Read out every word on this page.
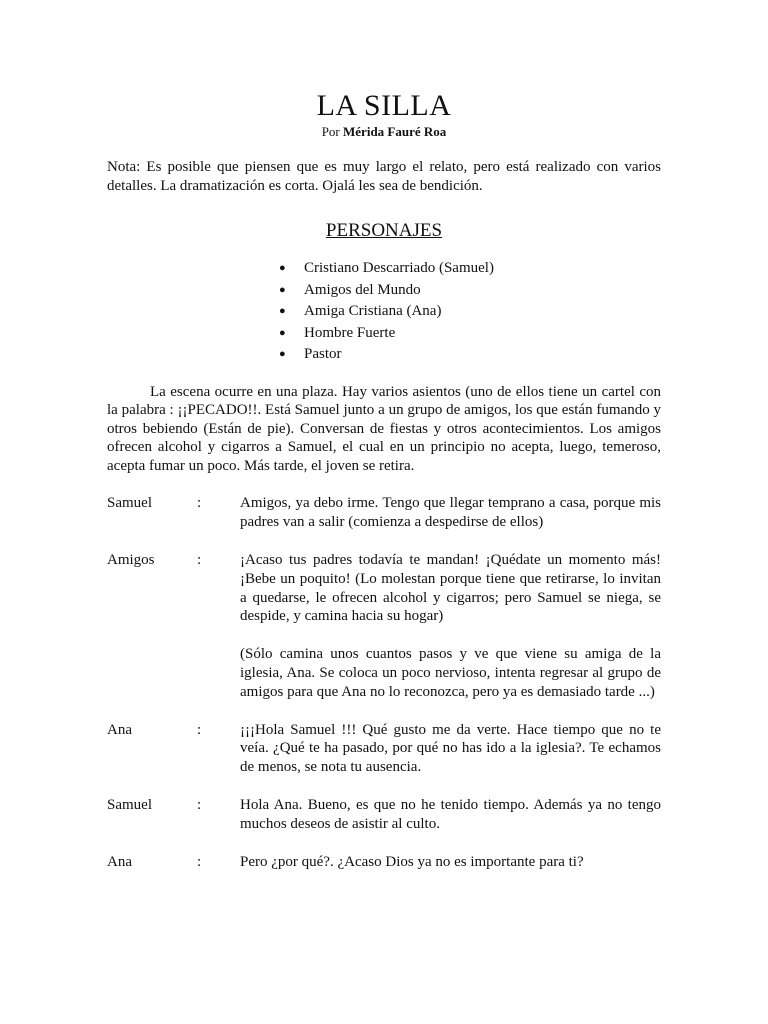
LA SILLA
Por Mérida Fauré Roa
Nota: Es posible que piensen que es muy largo el relato, pero está realizado con varios detalles. La dramatización es corta. Ojalá les sea de bendición.
PERSONAJES
● Cristiano Descarriado (Samuel)
● Amigos del Mundo
● Amiga Cristiana (Ana)
● Hombre Fuerte
● Pastor
La escena ocurre en una plaza. Hay varios asientos (uno de ellos tiene un cartel con la palabra : ¡¡PECADO!!. Está Samuel junto a un grupo de amigos, los que están fumando y otros bebiendo (Están de pie). Conversan de fiestas y otros acontecimientos. Los amigos ofrecen alcohol y cigarros a Samuel, el cual en un principio no acepta, luego, temeroso, acepta fumar un poco. Más tarde, el joven se retira.
Samuel	:	Amigos, ya debo irme. Tengo que llegar temprano a casa, porque mis padres van a salir (comienza a despedirse de ellos)

Amigos	:	¡Acaso tus padres todavía te mandan! ¡Quédate un momento más! ¡Bebe un poquito! (Lo molestan porque tiene que retirarse, lo invitan a quedarse, le ofrecen alcohol y cigarros; pero Samuel se niega, se despide, y camina hacia su hogar)

(Sólo camina unos cuantos pasos y ve que viene su amiga de la iglesia, Ana. Se coloca un poco nervioso, intenta regresar al grupo de amigos para que Ana no lo reconozca, pero ya es demasiado tarde ...)

Ana	:	¡¡¡Hola Samuel !!! Qué gusto me da verte. Hace tiempo que no te veía. ¿Qué te ha pasado, por qué no has ido a la iglesia?. Te echamos de menos, se nota tu ausencia.

Samuel	:	Hola Ana. Bueno, es que no he tenido tiempo. Además ya no tengo muchos deseos de asistir al culto.

Ana	:	Pero ¿por qué?. ¿Acaso Dios ya no es importante para ti?
